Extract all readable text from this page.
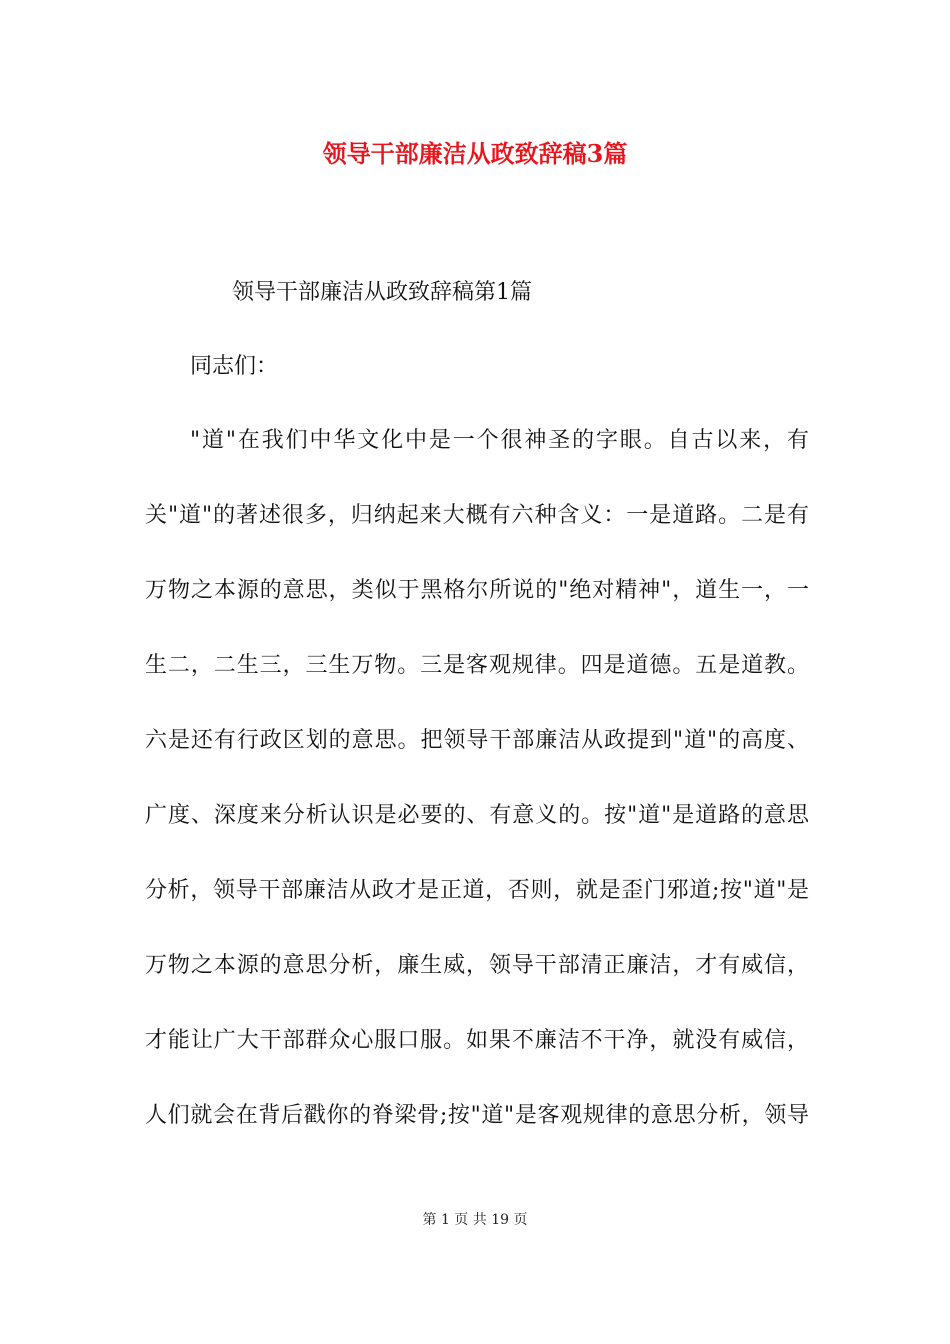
领导干部廉洁从政致辞稿3篇
领导干部廉洁从政致辞稿第1篇
同志们：
"道"在我们中华文化中是一个很神圣的字眼。自古以来，有
关"道"的著述很多，归纳起来大概有六种含义：一是道路。二是有
万物之本源的意思，类似于黑格尔所说的"绝对精神"，道生一，一
生二，二生三，三生万物。三是客观规律。四是道德。五是道教。
六是还有行政区划的意思。把领导干部廉洁从政提到"道"的高度、
广度、深度来分析认识是必要的、有意义的。按"道"是道路的意思
分析，领导干部廉洁从政才是正道，否则，就是歪门邪道;按"道"是
万物之本源的意思分析，廉生威，领导干部清正廉洁，才有威信，
才能让广大干部群众心服口服。如果不廉洁不干净，就没有威信，
人们就会在背后戳你的脊梁骨;按"道"是客观规律的意思分析，领导
第 1 页 共 19 页
